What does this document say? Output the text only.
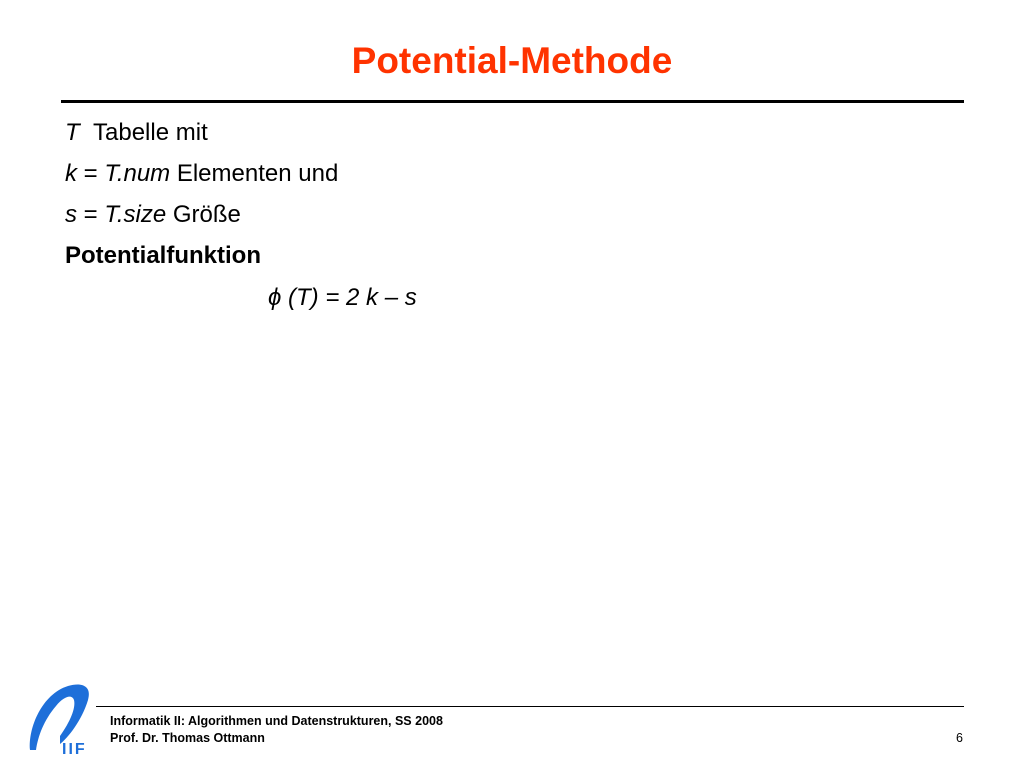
Potential-Methode
T Tabelle mit
k = T.num Elementen und
s = T.size Größe
Potentialfunktion
ϕ (T) = 2 k – s
IIF
Informatik II: Algorithmen und Datenstrukturen, SS 2008
Prof. Dr. Thomas Ottmann	6
